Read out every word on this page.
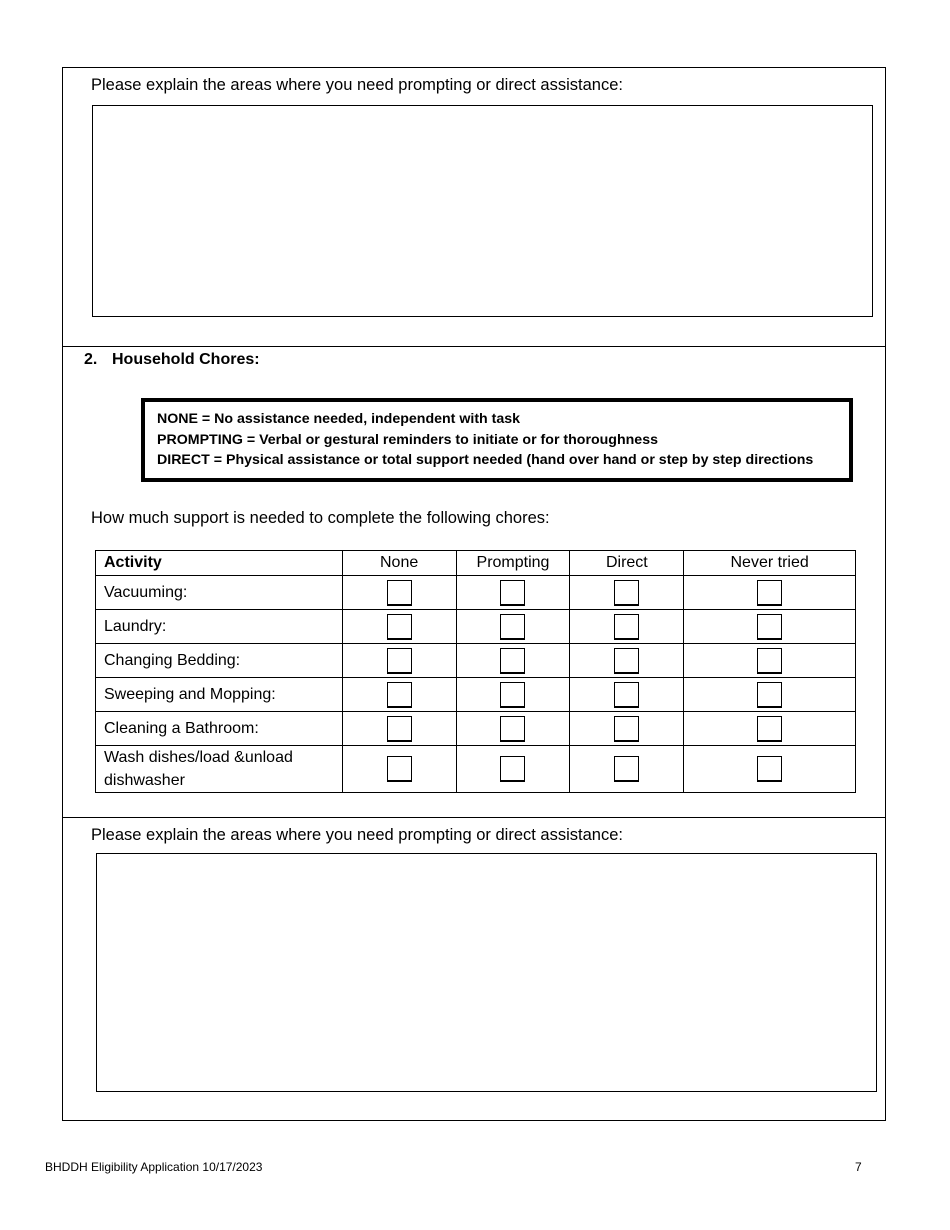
Please explain the areas where you need prompting or direct assistance:
2. Household Chores:
NONE = No assistance needed, independent with task
PROMPTING = Verbal or gestural reminders to initiate or for thoroughness
DIRECT = Physical assistance or total support needed (hand over hand or step by step directions
How much support is needed to complete the following chores:
Activity	None	Prompting	Direct	Never tried
Vacuuming:				
Laundry:				
Changing Bedding:				
Sweeping and Mopping:				
Cleaning a Bathroom:				
Wash dishes/load &unload dishwasher				
Please explain the areas where you need prompting or direct assistance:
BHDDH Eligibility Application 10/17/2023	7
